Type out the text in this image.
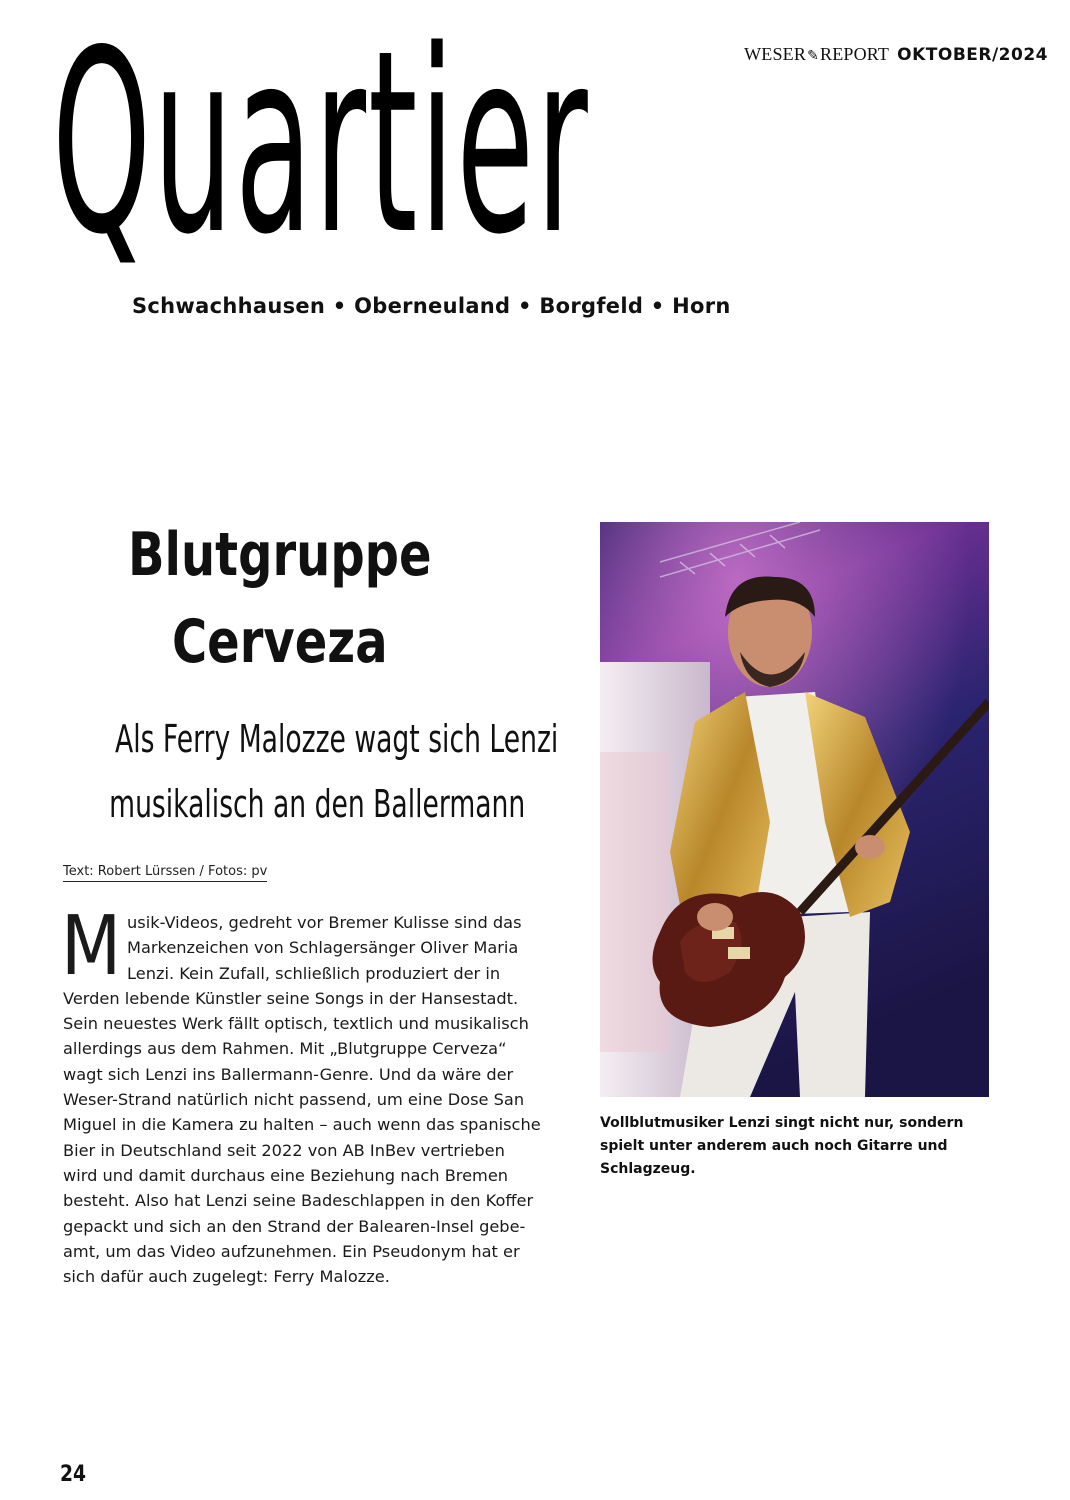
WESER✎REPORT OKTOBER/2024
Quartier
Schwachhausen • Oberneuland • Borgfeld • Horn
Blutgruppe
Cerveza
Als Ferry Malozze wagt sich Lenzi
musikalisch an den Ballermann
Text: Robert Lürssen / Fotos: pv
Musik-Videos, gedreht vor Bremer Kulisse sind das Markenzeichen von Schlagersänger Oliver Maria Lenzi. Kein Zufall, schließlich produziert der in Verden lebende Künstler seine Songs in der Hansestadt. Sein neuestes Werk fällt optisch, textlich und musikalisch allerdings aus dem Rahmen. Mit „Blutgruppe Cerveza“ wagt sich Lenzi ins Ballermann-Genre. Und da wäre der Weser-Strand natürlich nicht passend, um eine Dose San Miguel in die Kamera zu halten – auch wenn das spanische Bier in Deutschland seit 2022 von AB InBev vertrieben wird und damit durchaus eine Beziehung nach Bremen besteht. Also hat Lenzi seine Badeschlappen in den Koffer gepackt und sich an den Strand der Balearen-Insel gebeamt, um das Video aufzunehmen. Ein Pseudonym hat er sich dafür auch zugelegt: Ferry Malozze.
Vollblutmusiker Lenzi singt nicht nur, sondern spielt unter anderem auch noch Gitarre und Schlagzeug.
24
